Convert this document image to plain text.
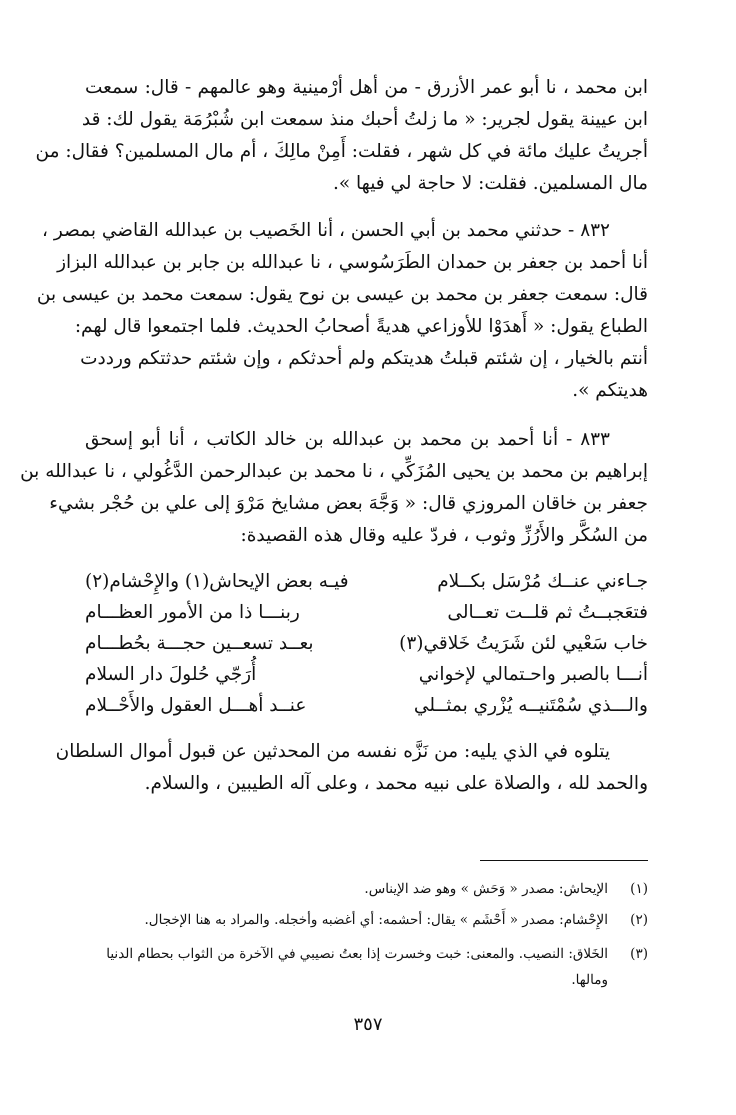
ابن محمد ، نا أبو عمر الأزرق - من أهل أرْمينية وهو عالمهم - قال: سمعت
ابن عيينة يقول لجرير: « ما زلتُ أحبك منذ سمعت ابن شُبْرُمَة يقول لك: قد
أجريتُ عليك مائة في كل شهر ، فقلت: أَمِنْ مالِكَ ، أم مال المسلمين؟ فقال: من
مال المسلمين. فقلت: لا حاجة لي فيها ».
٨٣٢ - حدثني محمد بن أبي الحسن ، أنا الخَصيب بن عبدالله القاضي بمصر ،
أنا أحمد بن جعفر بن حمدان الطَرَسُوسي ، نا عبدالله بن جابر بن عبدالله البزاز
قال: سمعت جعفر بن محمد بن عيسى بن نوح يقول: سمعت محمد بن عيسى بن
الطباع يقول: « أَهدَوْا للأوزاعي هديةً أصحابُ الحديث. فلما اجتمعوا قال لهم:
أنتم بالخيار ، إن شئتم قبلتُ هديتكم ولم أحدثكم ، وإن شئتم حدثتكم ورددت
هديتكم ».
٨٣٣ - أنا أحمد بن محمد بن عبدالله بن خالد الكاتب ، أنا أبو إسحق
إبراهيم بن محمد بن يحيى المُزَكِّي ، نا محمد بن عبدالرحمن الدَّغُولي ، نا عبدالله بن
جعفر بن خاقان المروزي قال: « وَجَّهَ بعض مشايخ مَرْوَ إلى علي بن حُجْر بشيء
من السُكَّر والأَرُزِّ وثوب ، فردّ عليه وقال هذه القصيدة:
جـاءني عنــك مُرْسَل بكــلام
فيـه بعض الإيحاش(١) والإِحْشام(٢)
فتعَجبــتُ ثم قلــت تعــالى
ربنـــا ذا من الأمور العظـــام
خاب سَعْيي لئن شَرَيتُ خَلاقي(٣)
بعــد تسعــين حجـــة بحُطـــام
أنـــا بالصبر واحـتمالي لإخواني
أُرَجّي حُلولَ دار السلام
والـــذي سُمْتَنيــه يُزْري بمثــلي
عنــد أهـــل العقول والأَحْــلام
يتلوه في الذي يليه: من نَزَّه نفسه من المحدثين عن قبول أموال السلطان
والحمد لله ، والصلاة على نبيه محمد ، وعلى آله الطيبين ، والسلام.
(١)الإيحاش: مصدر « وَحَش » وهو ضد الإيناس.
(٢)الإِحْشام: مصدر « أَحْشَم » يقال: أحشمه: أي أغضبه وأخجله. والمراد به هنا الإخجال.
(٣)الخَلاق: النصيب. والمعنى: خبت وخسرت إذا بعتُ نصيبي في الآخرة من الثواب بحطام الدنيا
ومالها.
٣٥٧
